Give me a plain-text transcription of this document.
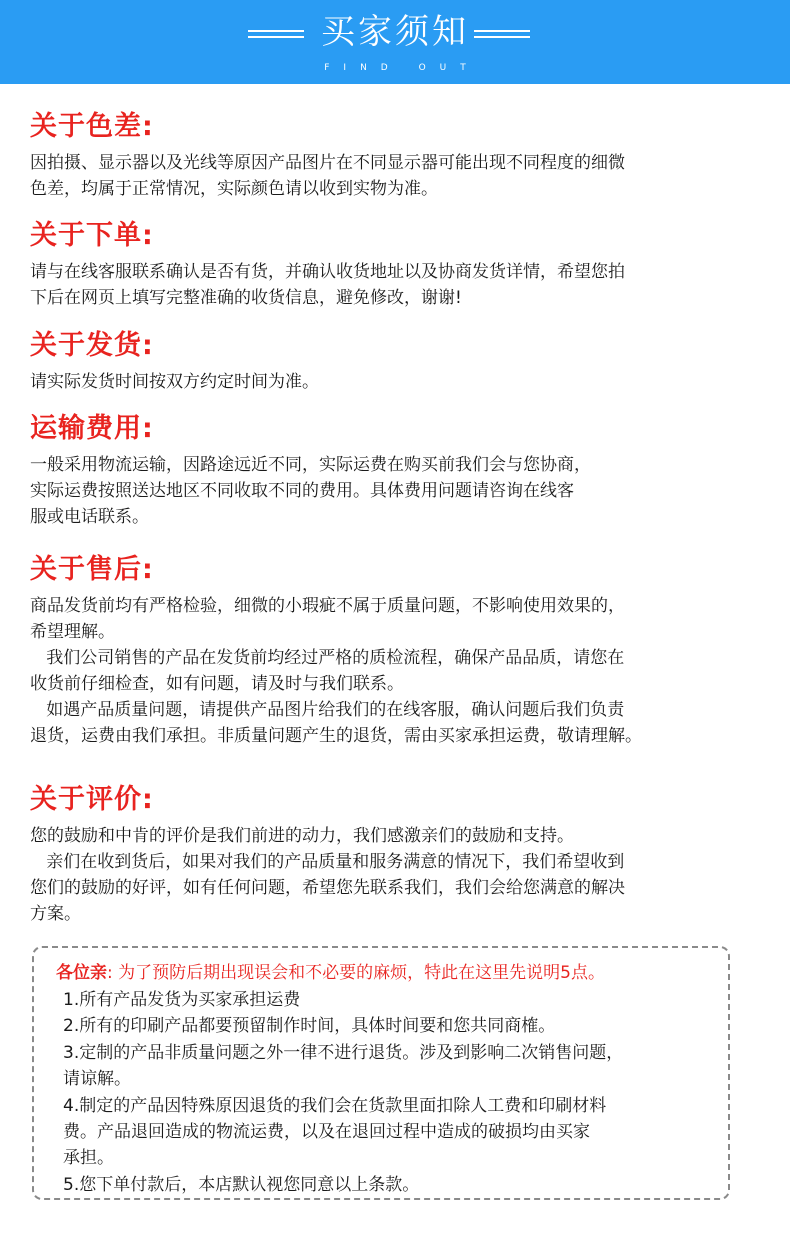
买家须知
FIND OUT
关于色差:
因拍摄、显示器以及光线等原因产品图片在不同显示器可能出现不同程度的细微
色差，均属于正常情况，实际颜色请以收到实物为准。
关于下单:
请与在线客服联系确认是否有货，并确认收货地址以及协商发货详情，希望您拍
下后在网页上填写完整准确的收货信息，避免修改，谢谢!
关于发货:
请实际发货时间按双方约定时间为准。
运输费用:
一般采用物流运输，因路途远近不同，实际运费在购买前我们会与您协商，
实际运费按照送达地区不同收取不同的费用。具体费用问题请咨询在线客
服或电话联系。
关于售后:
商品发货前均有严格检验，细微的小瑕疵不属于质量问题，不影响使用效果的，
希望理解。
我们公司销售的产品在发货前均经过严格的质检流程，确保产品品质，请您在
收货前仔细检查，如有问题，请及时与我们联系。
如遇产品质量问题，请提供产品图片给我们的在线客服，确认问题后我们负责
退货，运费由我们承担。非质量问题产生的退货，需由买家承担运费，敬请理解。
关于评价:
您的鼓励和中肯的评价是我们前进的动力，我们感激亲们的鼓励和支持。
亲们在收到货后，如果对我们的产品质量和服务满意的情况下，我们希望收到
您们的鼓励的好评，如有任何问题，希望您先联系我们，我们会给您满意的解决
方案。
各位亲: 为了预防后期出现误会和不必要的麻烦，特此在这里先说明5点。
1.所有产品发货为买家承担运费
2.所有的印刷产品都要预留制作时间，具体时间要和您共同商榷。
3.定制的产品非质量问题之外一律不进行退货。涉及到影响二次销售问题，
请谅解。
4.制定的产品因特殊原因退货的我们会在货款里面扣除人工费和印刷材料
费。产品退回造成的物流运费，以及在退回过程中造成的破损均由买家
承担。
5.您下单付款后，本店默认视您同意以上条款。
